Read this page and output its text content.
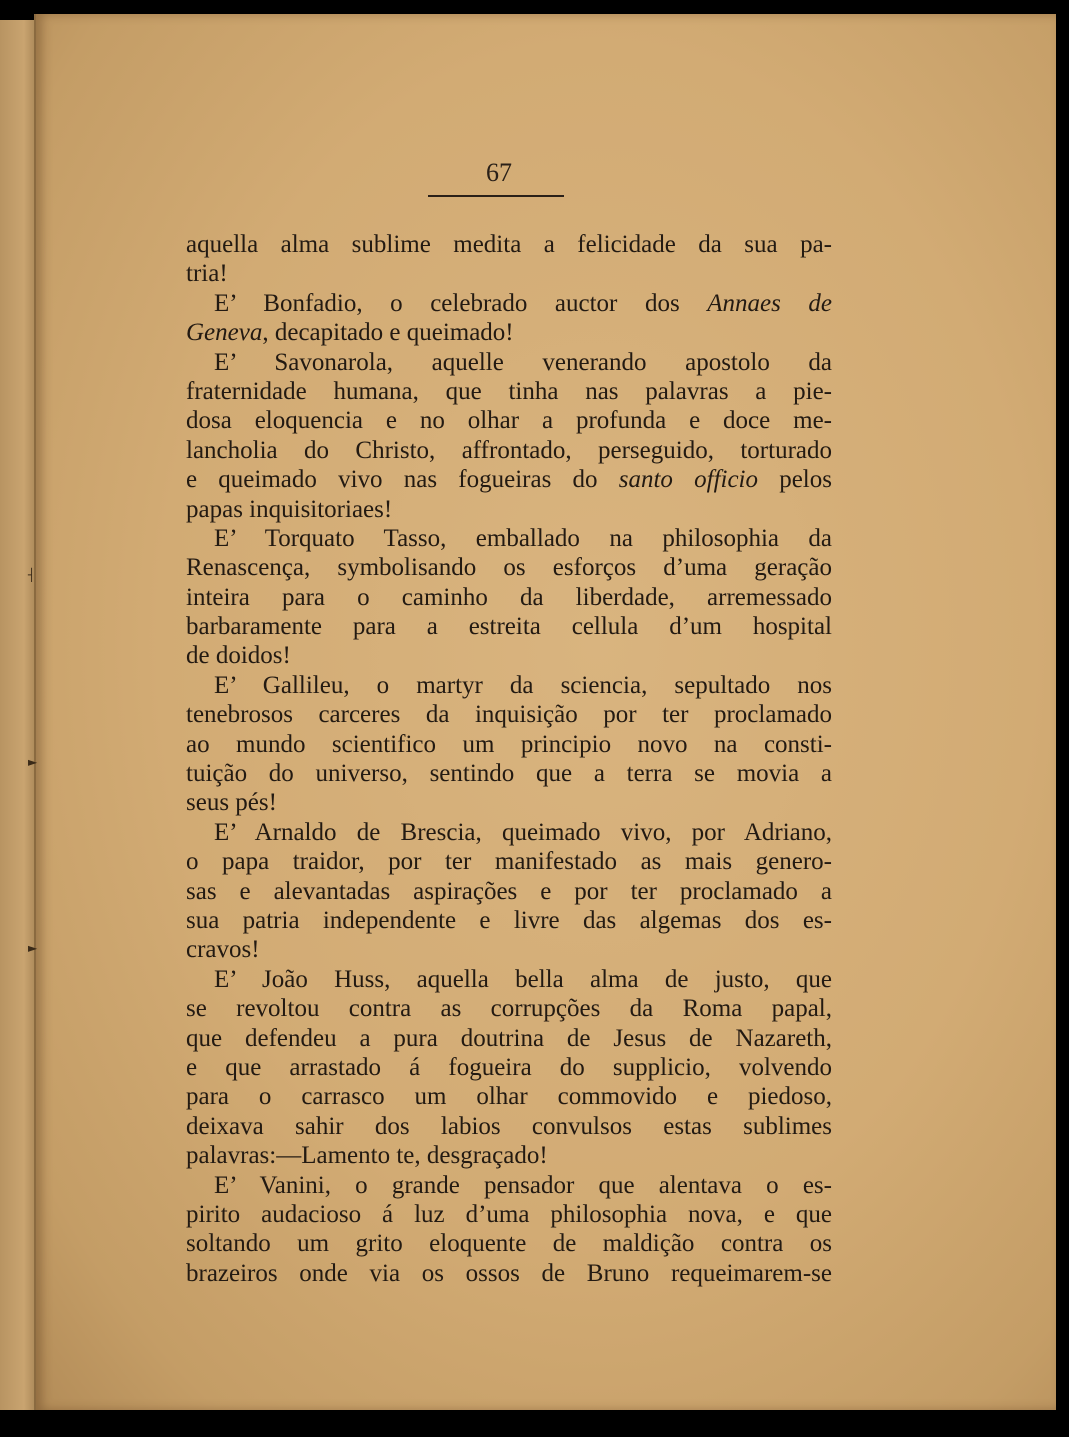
┤
►
►
67
aquella alma sublime medita a felicidade da sua pa-
tria!
E’ Bonfadio, o celebrado auctor dos Annaes de
Geneva, decapitado e queimado!
E’ Savonarola, aquelle venerando apostolo da
fraternidade humana, que tinha nas palavras a pie-
dosa eloquencia e no olhar a profunda e doce me-
lancholia do Christo, affrontado, perseguido, torturado
e queimado vivo nas fogueiras do santo officio pelos
papas inquisitoriaes!
E’ Torquato Tasso, emballado na philosophia da
Renascença, symbolisando os esforços d’uma geração
inteira para o caminho da liberdade, arremessado
barbaramente para a estreita cellula d’um hospital
de doidos!
E’ Gallileu, o martyr da sciencia, sepultado nos
tenebrosos carceres da inquisição por ter proclamado
ao mundo scientifico um principio novo na consti-
tuição do universo, sentindo que a terra se movia a
seus pés!
E’ Arnaldo de Brescia, queimado vivo, por Adriano,
o papa traidor, por ter manifestado as mais genero-
sas e alevantadas aspirações e por ter proclamado a
sua patria independente e livre das algemas dos es-
cravos!
E’ João Huss, aquella bella alma de justo, que
se revoltou contra as corrupções da Roma papal,
que defendeu a pura doutrina de Jesus de Nazareth,
e que arrastado á fogueira do supplicio, volvendo
para o carrasco um olhar commovido e piedoso,
deixava sahir dos labios convulsos estas sublimes
palavras:—Lamento te, desgraçado!
E’ Vanini, o grande pensador que alentava o es-
pirito audacioso á luz d’uma philosophia nova, e que
soltando um grito eloquente de maldição contra os
brazeiros onde via os ossos de Bruno requeimarem-se
